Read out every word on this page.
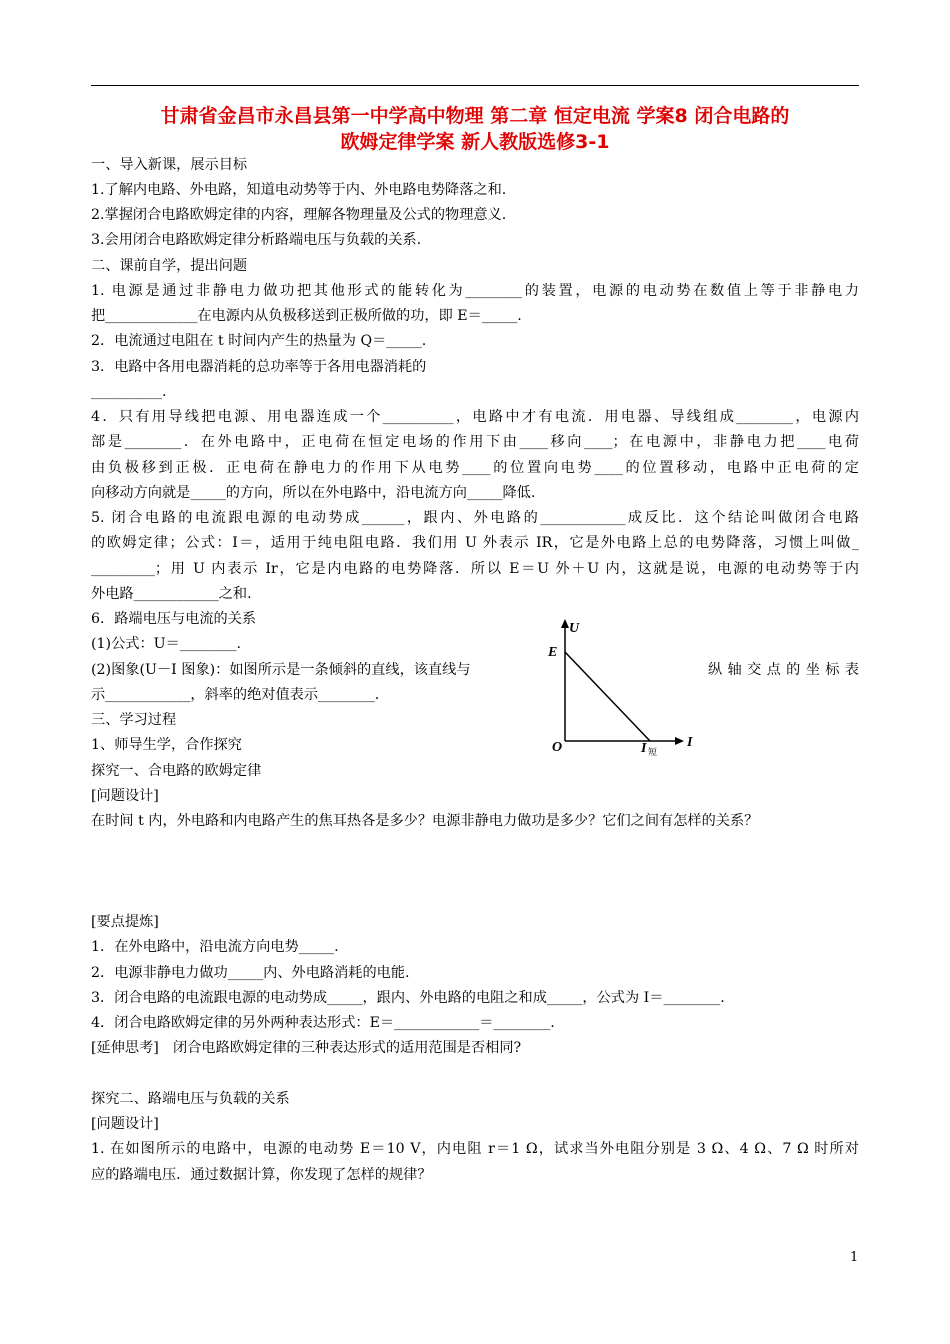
甘肃省金昌市永昌县第一中学高中物理 第二章 恒定电流 学案8 闭合电路的
欧姆定律学案 新人教版选修3-1
一、导入新课，展示目标
1.了解内电路、外电路，知道电动势等于内、外电路电势降落之和.
2.掌握闭合电路欧姆定律的内容，理解各物理量及公式的物理意义.
3.会用闭合电路欧姆定律分析路端电压与负载的关系.
二、课前自学，提出问题
1. 电源是通过非静电力做功把其他形式的能转化为________的装置，电源的电动势在数值上等于非静电力
把_____________在电源内从负极移送到正极所做的功，即 E＝_____.
2．电流通过电阻在 t 时间内产生的热量为 Q＝_____.
3．电路中各用电器消耗的总功率等于各用电器消耗的
__________.
4．只有用导线把电源、用电器连成一个__________，电路中才有电流．用电器、导线组成________，电源内
部是________．在外电路中，正电荷在恒定电场的作用下由____移向____；在电源中，非静电力把____电荷
由负极移到正极．正电荷在静电力的作用下从电势____的位置向电势____的位置移动，电路中正电荷的定
向移动方向就是_____的方向，所以在外电路中，沿电流方向_____降低.
5. 闭合电路的电流跟电源的电动势成______，跟内、外电路的____________成反比．这个结论叫做闭合电路
的欧姆定律；公式：I＝，适用于纯电阻电路．我们用 U 外表示 IR，它是外电路上总的电势降落，习惯上叫做_
_________；用 U 内表示 Ir，它是内电路的电势降落．所以 E＝U 外＋U 内，这就是说，电源的电动势等于内
外电路____________之和.
6．路端电压与电流的关系
(1)公式：U＝________.
(2)图象(U－I 图象)：如图所示是一条倾斜的直线，该直线与	纵轴交点的坐标表
示____________，斜率的绝对值表示________.
三、学习过程
1、师导生学，合作探究
探究一、合电路的欧姆定律
[问题设计]
在时间 t 内，外电路和内电路产生的焦耳热各是多少？电源非静电力做功是多少？它们之间有怎样的关系？
[要点提炼]
1．在外电路中，沿电流方向电势_____.
2．电源非静电力做功_____内、外电路消耗的电能.
3．闭合电路的电流跟电源的电动势成_____，跟内、外电路的电阻之和成_____，公式为 I＝________.
4．闭合电路欧姆定律的另外两种表达形式：E＝____________＝________.
[延伸思考]　闭合电路欧姆定律的三种表达形式的适用范围是否相同?
探究二、路端电压与负载的关系
[问题设计]
1. 在如图所示的电路中，电源的电动势 E＝10 V，内电阻 r＝1 Ω，试求当外电阻分别是 3 Ω、4 Ω、7 Ω 时所对
应的路端电压．通过数据计算，你发现了怎样的规律？
U
E
O	I
I 短
1
